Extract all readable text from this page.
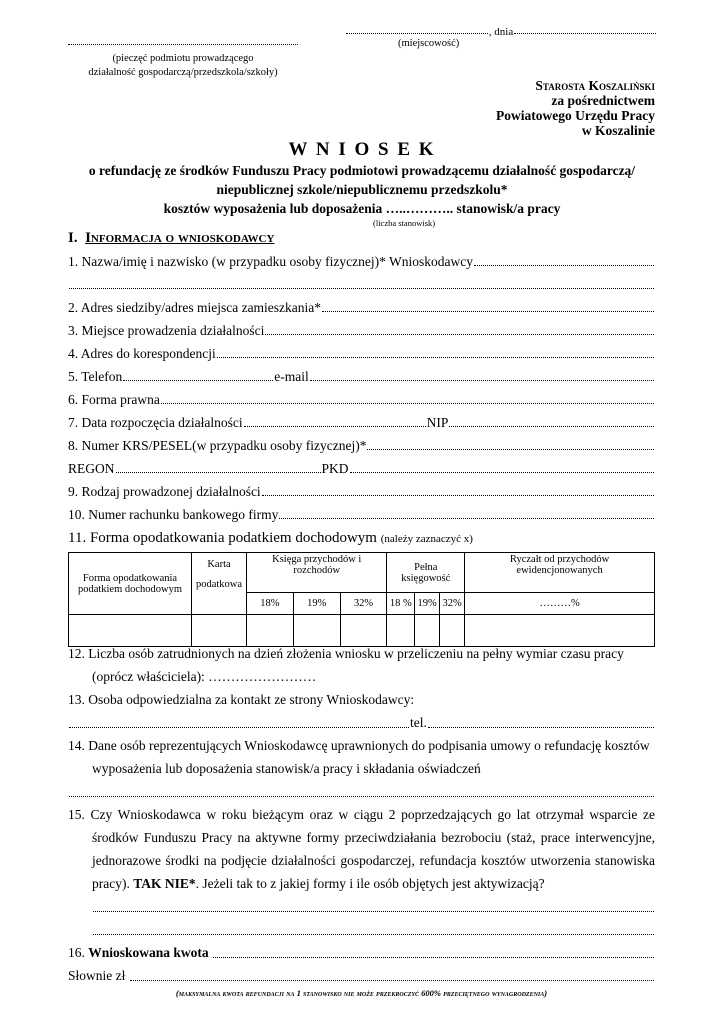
, dnia
(miejscowość)
(pieczęć podmiotu prowadzącego
działalność gospodarczą/przedszkola/szkoły)
Starosta Koszaliński
za pośrednictwem
Powiatowego Urzędu Pracy
w Koszalinie
W N I O S E K
o refundację ze środków Funduszu Pracy podmiotowi prowadzącemu działalność gospodarczą/
niepublicznej szkole/niepublicznemu przedszkolu*
kosztów wyposażenia lub doposażenia …..……….. stanowisk/a pracy
(liczba stanowisk)
I. Informacja o wnioskodawcy
1. Nazwa/imię i nazwisko (w przypadku osoby fizycznej)* Wnioskodawcy
2. Adres siedziby/adres miejsca zamieszkania*
3. Miejsce prowadzenia działalności
4. Adres do korespondencji
5. Telefon	e-mail
6. Forma prawna
7. Data rozpoczęcia działalności	NIP
8. Numer KRS/PESEL(w przypadku osoby fizycznej)*
REGON	PKD
9. Rodzaj prowadzonej działalności
10. Numer rachunku bankowego firmy
11. Forma opodatkowania podatkiem dochodowym (należy zaznaczyć x)
Forma opodatkowania podatkiem dochodowym	Karta podatkowa	Księga przychodów i rozchodów			Pełna księgowość			Ryczałt od przychodów ewidencjonowanych
		18%	19%	32%	18 %	19%	32%	………%

12. Liczba osób zatrudnionych na dzień złożenia wniosku w przeliczeniu na pełny wymiar czasu pracy
(oprócz właściciela): ……………………
13. Osoba odpowiedzialna za kontakt ze strony Wnioskodawcy:
tel.
14. Dane osób reprezentujących Wnioskodawcę uprawnionych do podpisania umowy o refundację kosztów
wyposażenia lub doposażenia stanowisk/a pracy i składania oświadczeń
15. Czy Wnioskodawca w roku bieżącym oraz w ciągu 2 poprzedzających go lat otrzymał wsparcie ze środków Funduszu Pracy na aktywne formy przeciwdziałania bezrobociu (staż, prace interwencyjne, jednorazowe środki na podjęcie działalności gospodarczej, refundacja kosztów utworzenia stanowiska pracy). TAK NIE*. Jeżeli tak to z jakiej formy i ile osób objętych jest aktywizacją?
16.
Wnioskowana kwota

Słownie zł

(maksymalna kwota refundacji na 1 stanowisko nie może przekroczyć 600% przeciętnego wynagrodzenia)
